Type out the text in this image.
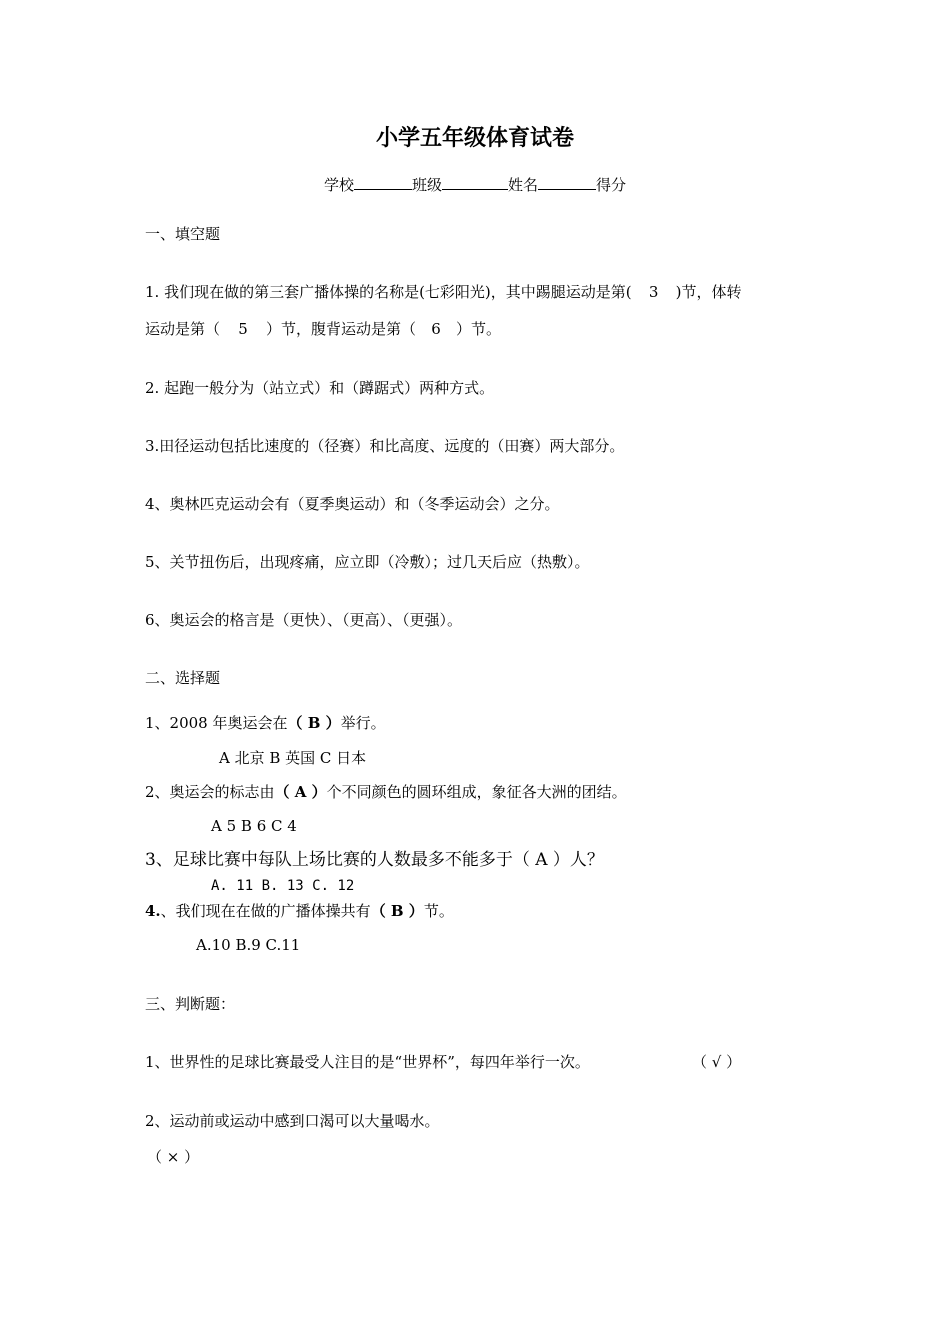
小学五年级体育试卷
学校	班级	姓名	得分
一、填空题
1. 我们现在做的第三套广播体操的名称是(七彩阳光)，其中踢腿运动是第( 3 )节，体转
运动是第（ 5 ）节，腹背运动是第（ 6 ）节。
2. 起跑一般分为（站立式）和（蹲踞式）两种方式。
3.田径运动包括比速度的（径赛）和比高度、远度的（田赛）两大部分。
4、奥林匹克运动会有（夏季奥运动）和（冬季运动会）之分。
5、关节扭伤后，出现疼痛，应立即（冷敷）；过几天后应（热敷）。
6、奥运会的格言是（更快）、（更高）、（更强）。
二、选择题
1、2008 年奥运会在（ B ）举行。
A 北京 B 英国 C 日本
2、奥运会的标志由（ A ）个不同颜色的圆环组成，象征各大洲的团结。
A 5 B 6 C 4
3、足球比赛中每队上场比赛的人数最多不能多于（ A ）人？
A. 11 B. 13 C. 12
4.、我们现在在做的广播体操共有（ B ）节。
A.10 B.9 C.11
三、判断题：
1、世界性的足球比赛最受人注目的是“世界杯”，每四年举行一次。	（ √ ）
2、运动前或运动中感到口渴可以大量喝水。
（ × ）
